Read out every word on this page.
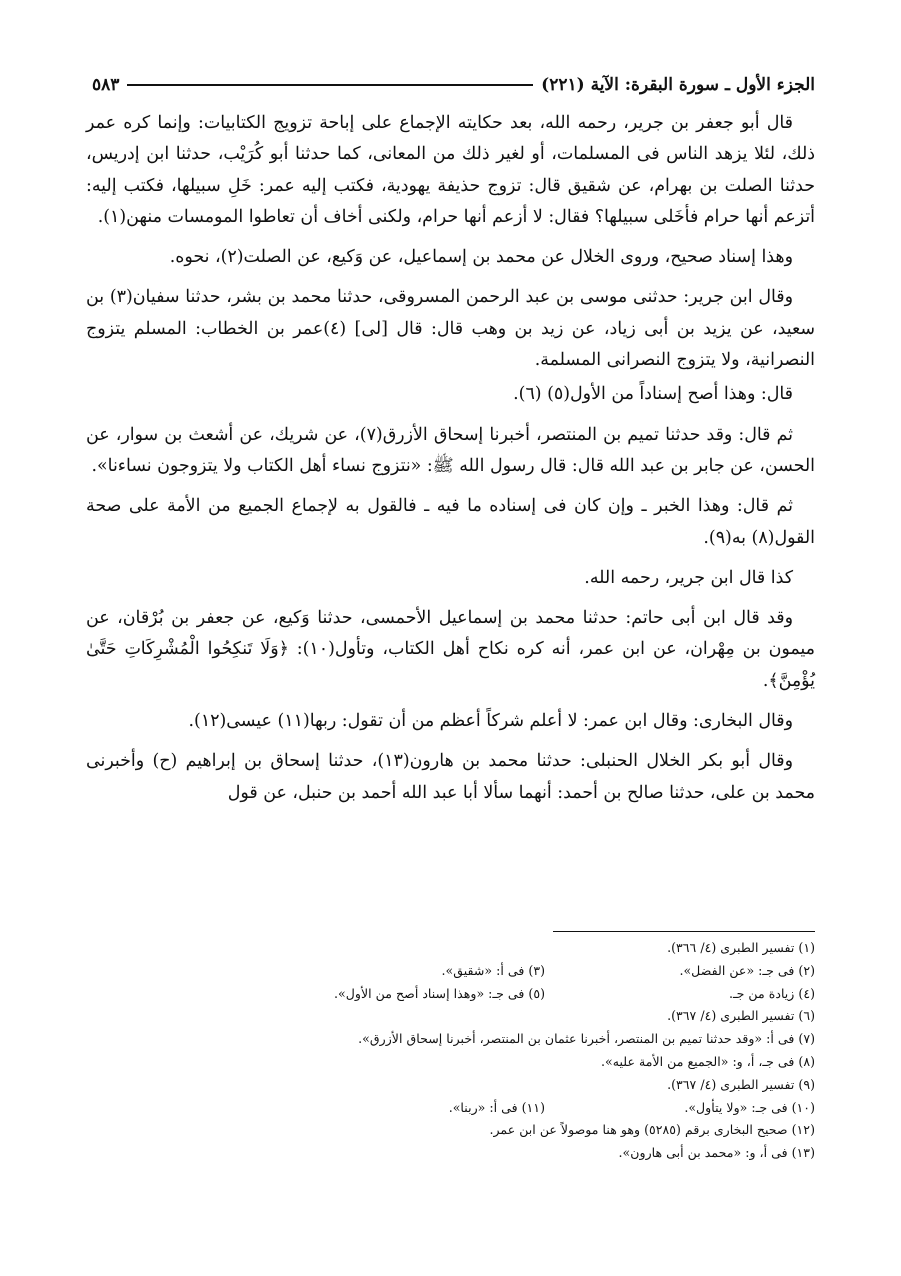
الجزء الأول ـ سورة البقرة: الآية (٢٢١)
٥٨٣

قال أبو جعفر بن جرير، رحمه الله، بعد حكايته الإجماع على إباحة تزويج الكتابيات: وإنما كره عمر ذلك، لئلا يزهد الناس فى المسلمات، أو لغير ذلك من المعانى، كما حدثنا أبو كُرَيْب، حدثنا ابن إدريس، حدثنا الصلت بن بهرام، عن شقيق قال: تزوج حذيفة يهودية، فكتب إليه عمر: خَلِ سبيلها، فكتب إليه: أتزعم أنها حرام فأخَلى سبيلها؟ فقال: لا أزعم أنها حرام، ولكنى أخاف أن تعاطوا المومسات منهن(١).

وهذا إسناد صحيح، وروى الخلال عن محمد بن إسماعيل، عن وَكيع، عن الصلت(٢)، نحوه.

وقال ابن جرير: حدثنى موسى بن عبد الرحمن المسروقى، حدثنا محمد بن بشر، حدثنا سفيان(٣) بن سعيد، عن يزيد بن أبى زياد، عن زيد بن وهب قال: قال [لى] (٤)عمر بن الخطاب: المسلم يتزوج النصرانية، ولا يتزوج النصرانى المسلمة.

قال: وهذا أصح إسناداً من الأول(٥) (٦).

ثم قال: وقد حدثنا تميم بن المنتصر، أخبرنا إسحاق الأزرق(٧)، عن شريك، عن أشعث بن سوار، عن الحسن، عن جابر بن عبد الله قال: قال رسول الله ﷺ: «نتزوج نساء أهل الكتاب ولا يتزوجون نساءنا».

ثم قال: وهذا الخبر ـ وإن كان فى إسناده ما فيه ـ فالقول به لإجماع الجميع من الأمة على صحة القول(٨) به(٩).

كذا قال ابن جرير، رحمه الله.

وقد قال ابن أبى حاتم: حدثنا محمد بن إسماعيل الأحمسى، حدثنا وَكيع، عن جعفر بن بُرْقان، عن ميمون بن مِهْران، عن ابن عمر، أنه كره نكاح أهل الكتاب، وتأول(١٠): ﴿وَلَا تَنكِحُوا الْمُشْرِكَاتِ حَتَّىٰ يُؤْمِنَّ﴾.

وقال البخارى: وقال ابن عمر: لا أعلم شركاً أعظم من أن تقول: ربها(١١) عيسى(١٢).

وقال أبو بكر الخلال الحنبلى: حدثنا محمد بن هارون(١٣)، حدثنا إسحاق بن إبراهيم (ح) وأخبرنى محمد بن على، حدثنا صالح بن أحمد: أنهما سألا أبا عبد الله أحمد بن حنبل، عن قول

(١) تفسير الطبرى (٤/ ٣٦٦).
(٢) فى جـ: «عن الفضل».
(٣) فى أ: «شقيق».
(٤) زيادة من جـ.
(٥) فى جـ: «وهذا إسناد أصح من الأول».
(٦) تفسير الطبرى (٤/ ٣٦٧).
(٧) فى أ: «وقد حدثنا تميم بن المنتصر، أخبرنا عثمان بن المنتصر، أخبرنا إسحاق الأزرق».
(٨) فى جـ، أ، و: «الجميع من الأمة عليه».
(٩) تفسير الطبرى (٤/ ٣٦٧).
(١٠) فى جـ: «ولا يتأول».
(١١) فى أ: «ربنا».
(١٢) صحيح البخارى برقم (٥٢٨٥) وهو هنا موصولاً عن ابن عمر.
(١٣) فى أ، و: «محمد بن أبى هارون».
